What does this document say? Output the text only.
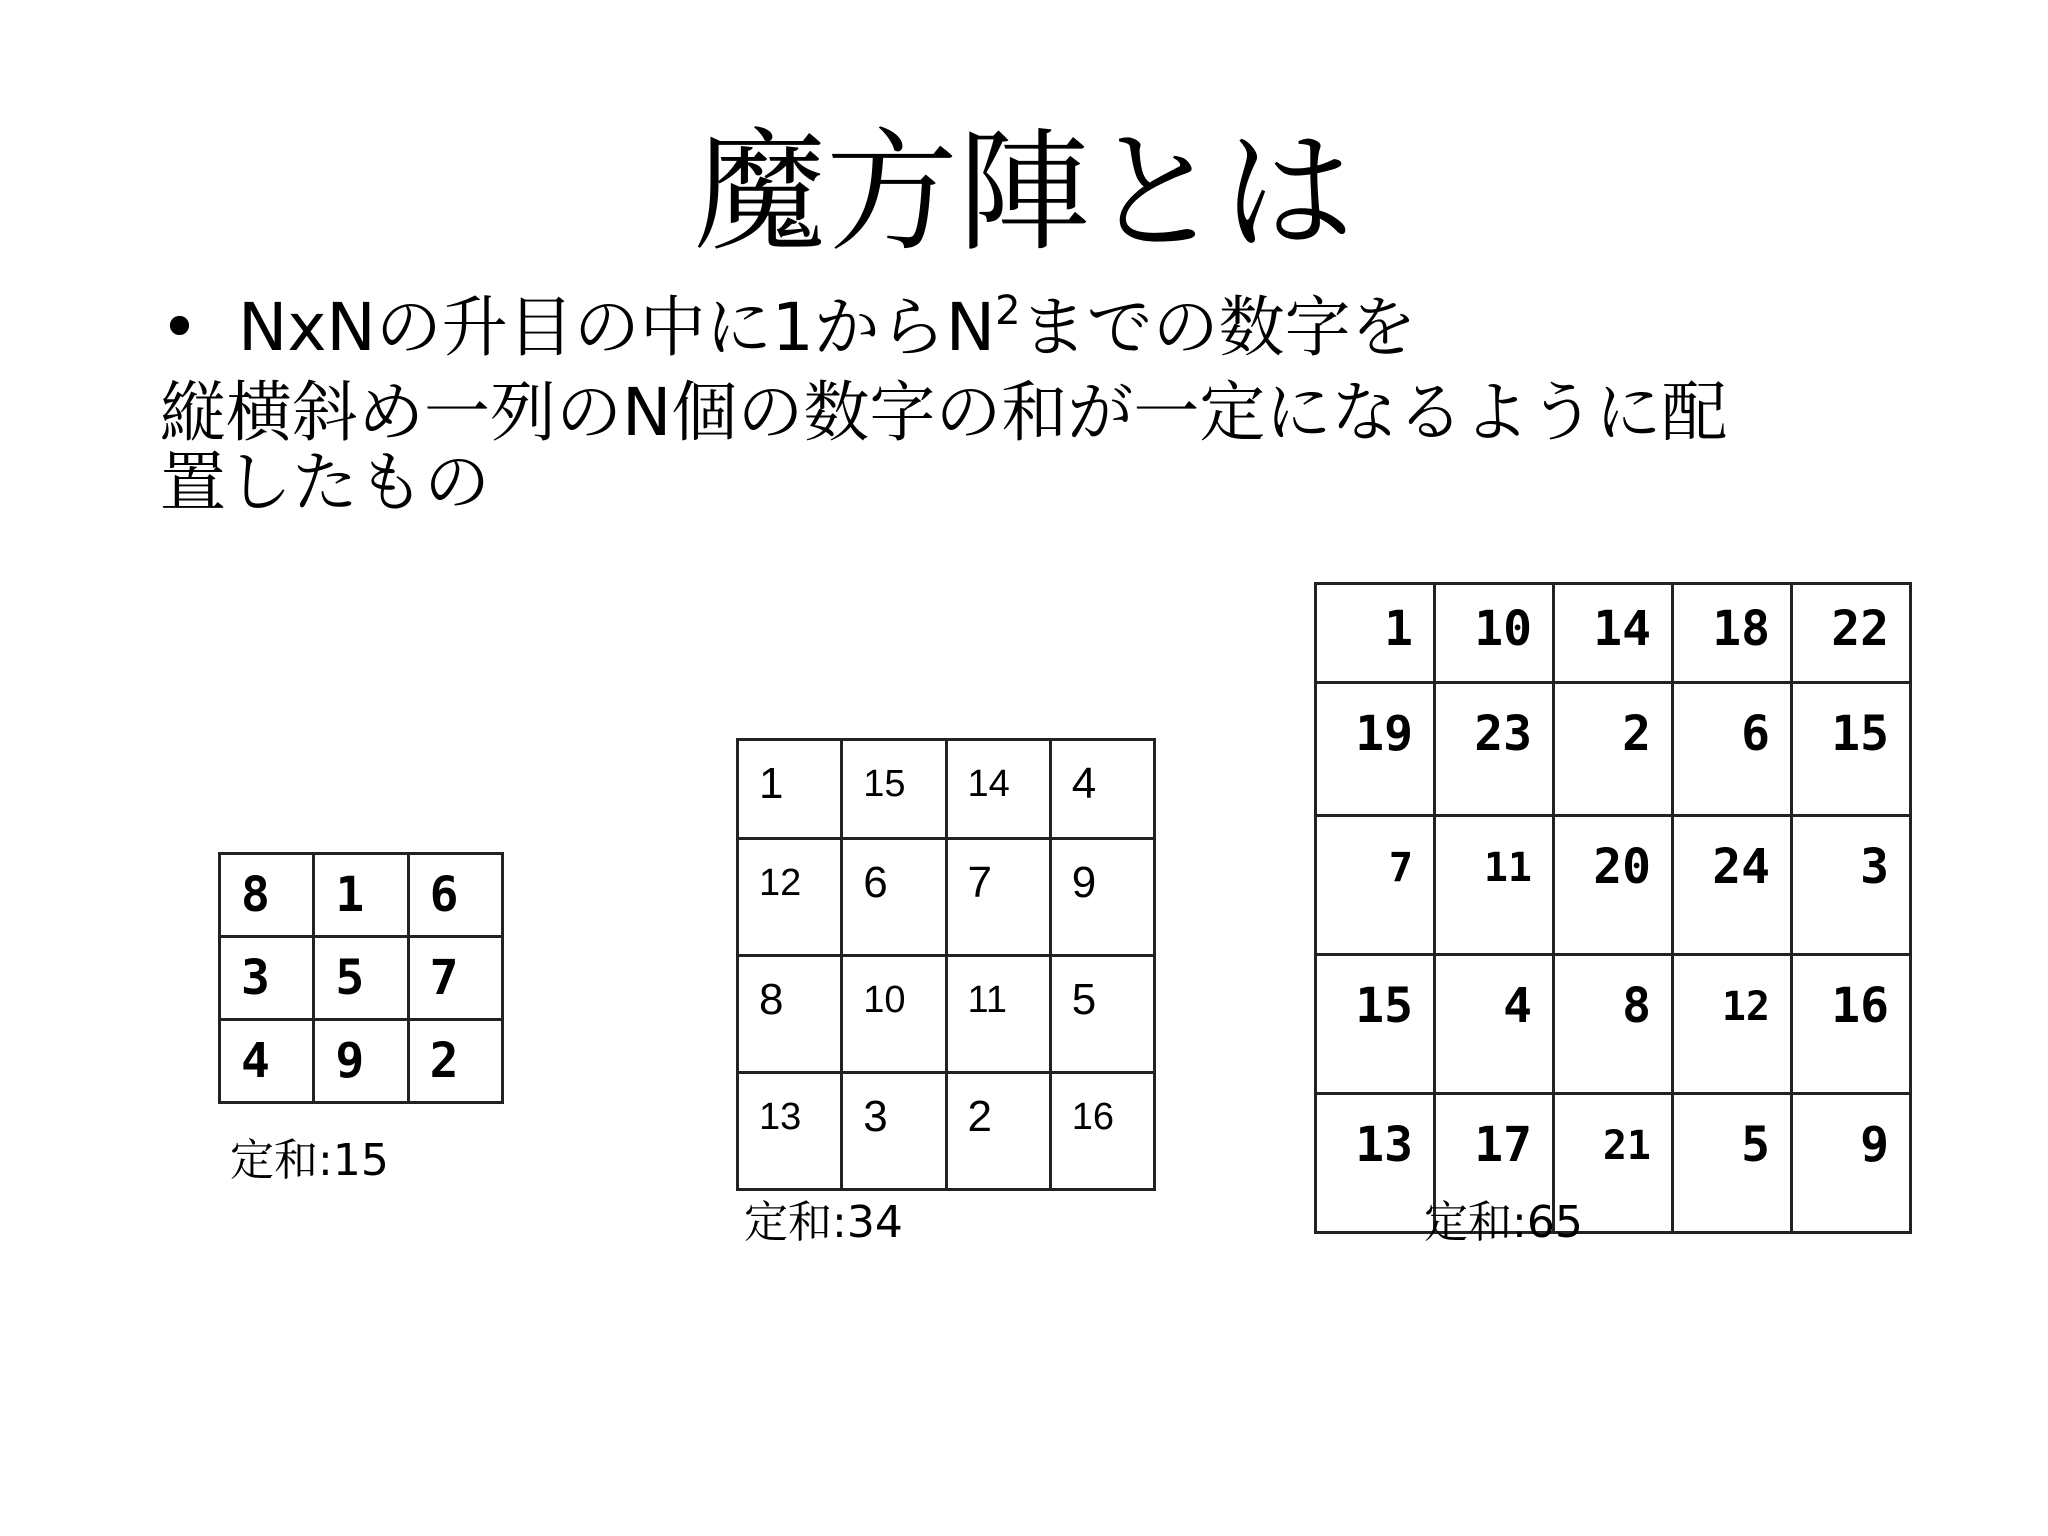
魔方陣とは
• NxNの升目の中に1から$N^2$までの数字を
縦横斜め一列のN個の数字の和が一定になるように配
置したもの
8	1	6
3	5	7
4	9	2
定和:15
1	15	14	4
12	6	7	9
8	10	11	5
13	3	2	16
定和:34
1	10	14	18	22
19	23	2	6	15
7	11	20	24	3
15	4	8	12	16
13	17	21	5	9
定和:65
